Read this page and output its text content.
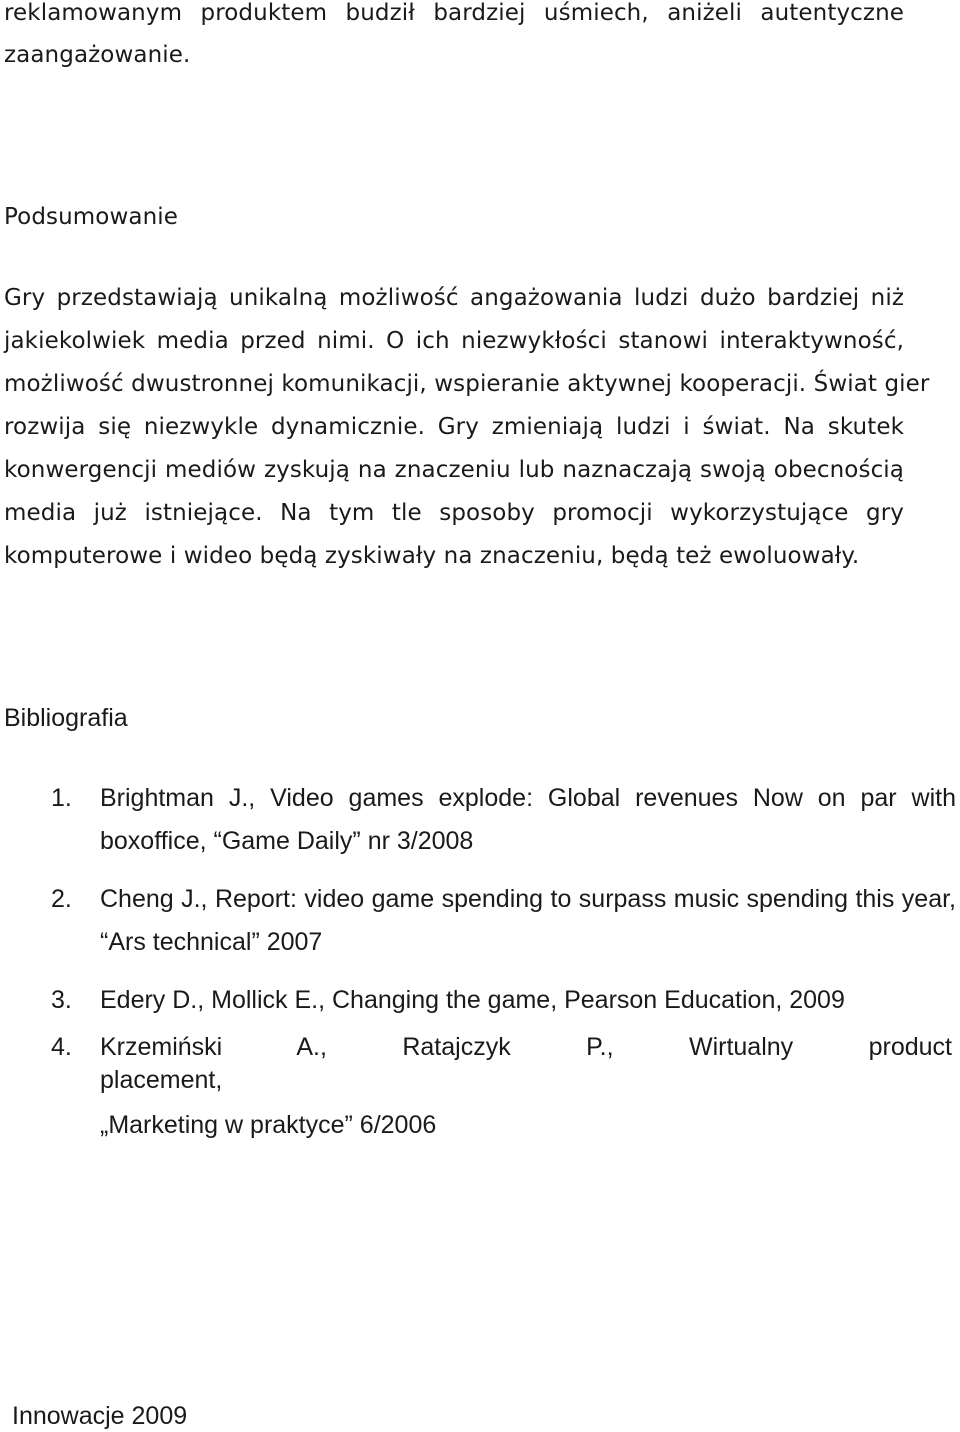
reklamowanym produktem budził bardziej uśmiech, aniżeli autentyczne
zaangażowanie.
Podsumowanie
Gry przedstawiają unikalną możliwość angażowania ludzi dużo bardziej niż
jakiekolwiek media przed nimi. O ich niezwykłości stanowi interaktywność,
możliwość dwustronnej komunikacji, wspieranie aktywnej kooperacji. Świat gier
rozwija się niezwykle dynamicznie. Gry zmieniają ludzi i świat. Na skutek
konwergencji mediów zyskują na znaczeniu lub naznaczają swoją obecnością
media już istniejące. Na tym tle sposoby promocji wykorzystujące gry
komputerowe i wideo będą zyskiwały na znaczeniu, będą też ewoluowały.
Bibliografia
1. Brightman J., Video games explode: Global revenues Now on par with
boxoffice, “Game Daily” nr 3/2008
2. Cheng J., Report: video game spending to surpass music spending this year,
“Ars technical” 2007
3. Edery D., Mollick E., Changing the game, Pearson Education, 2009
4. Krzemiński A., Ratajczyk P., Wirtualny product
placement,
„Marketing w praktyce” 6/2006
Innowacje 2009
